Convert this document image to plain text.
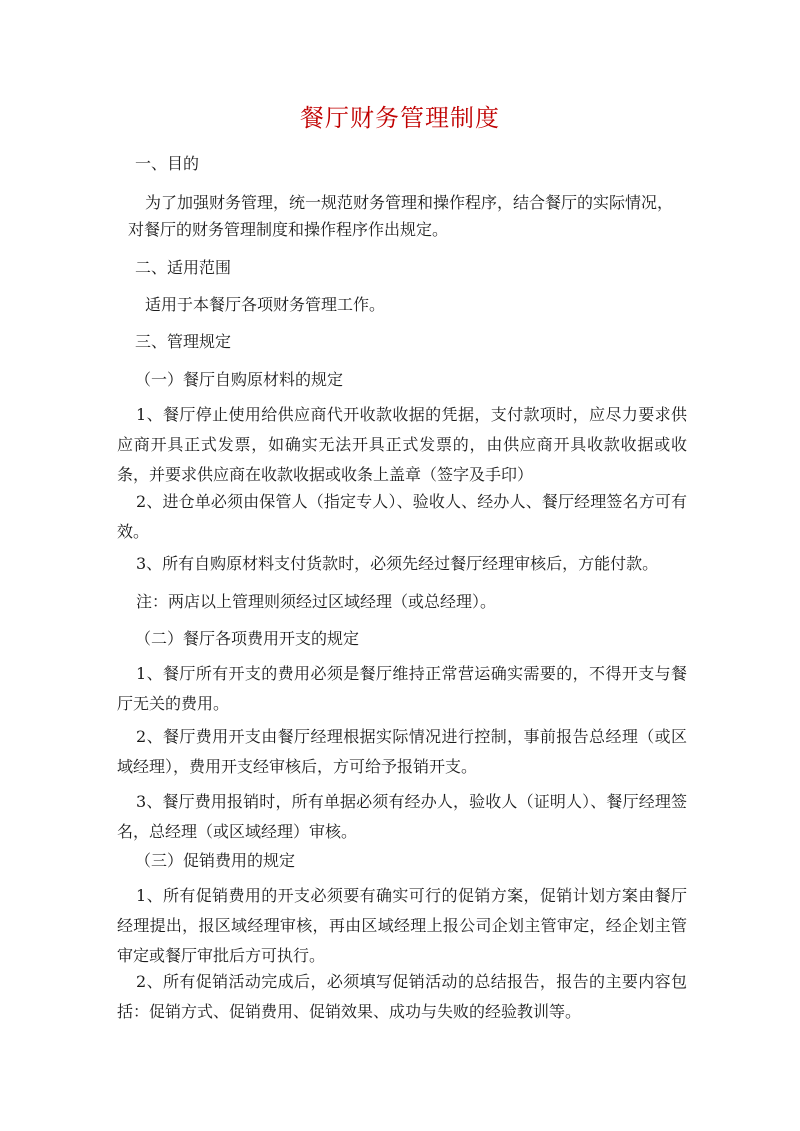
餐厅财务管理制度
一、目的
为了加强财务管理，统一规范财务管理和操作程序，结合餐厅的实际情况，
对餐厅的财务管理制度和操作程序作出规定。
二、适用范围
适用于本餐厅各项财务管理工作。
三、管理规定
（一）餐厅自购原材料的规定
1、餐厅停止使用给供应商代开收款收据的凭据，支付款项时，应尽力要求供应商开具正式发票，如确实无法开具正式发票的，由供应商开具收款收据或收条，并要求供应商在收款收据或收条上盖章（签字及手印）
2、进仓单必须由保管人（指定专人）、验收人、经办人、餐厅经理签名方可有效。
3、所有自购原材料支付货款时，必须先经过餐厅经理审核后，方能付款。
注：两店以上管理则须经过区域经理（或总经理）。
（二）餐厅各项费用开支的规定
1、餐厅所有开支的费用必须是餐厅维持正常营运确实需要的，不得开支与餐厅无关的费用。
2、餐厅费用开支由餐厅经理根据实际情况进行控制，事前报告总经理（或区域经理），费用开支经审核后，方可给予报销开支。
3、餐厅费用报销时，所有单据必须有经办人，验收人（证明人）、餐厅经理签名，总经理（或区域经理）审核。
（三）促销费用的规定
1、所有促销费用的开支必须要有确实可行的促销方案，促销计划方案由餐厅经理提出，报区域经理审核，再由区域经理上报公司企划主管审定，经企划主管审定或餐厅审批后方可执行。
2、所有促销活动完成后，必须填写促销活动的总结报告，报告的主要内容包括：促销方式、促销费用、促销效果、成功与失败的经验教训等。
